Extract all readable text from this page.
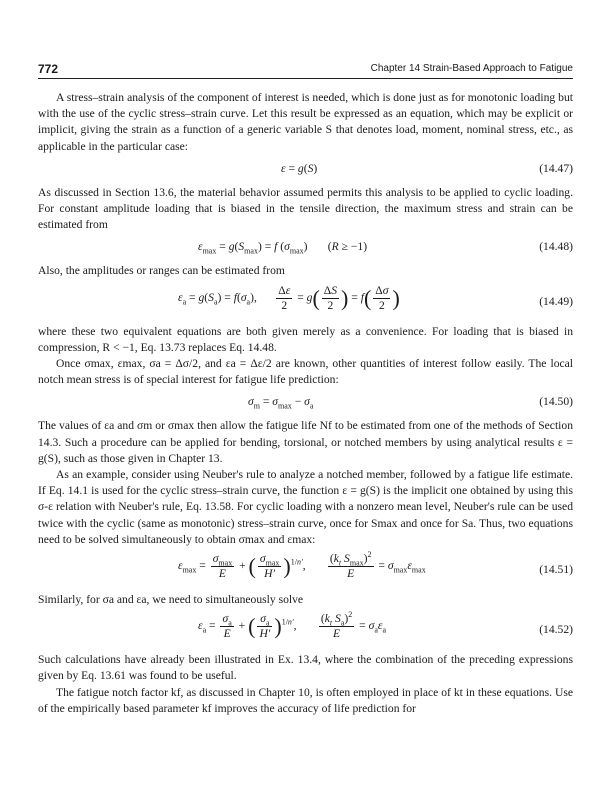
772	Chapter 14 Strain-Based Approach to Fatigue

A stress–strain analysis of the component of interest is needed, which is done just as for monotonic loading but with the use of the cyclic stress–strain curve. Let this result be expressed as an equation, which may be explicit or implicit, giving the strain as a function of a generic variable S that denotes load, moment, nominal stress, etc., as applicable in the particular case:

ε = g(S)	(14.47)

As discussed in Section 13.6, the material behavior assumed permits this analysis to be applied to cyclic loading. For constant amplitude loading that is biased in the tensile direction, the maximum stress and strain can be estimated from

$\varepsilon_{max} = g(S_{max}) = f$ $(\sigma_{max})$       (R ≥ −1)	(14.48)

Also, the amplitudes or ranges can be estimated from

$\varepsilon_a = g(S_a) = f(\sigma_a)$, $\frac{\Delta\varepsilon}{2} = g( \frac{\Delta S}{2}$ ) = $f( \frac{\Delta\sigma}{2}$ )	(14.49)

where these two equivalent equations are both given merely as a convenience. For loading that is biased in compression, R < −1, Eq. 13.73 replaces Eq. 14.48.

Once σmax, εmax, σa = Δσ/2, and εa = Δε/2 are known, other quantities of interest follow easily. The local notch mean stress is of special interest for fatigue life prediction:

$\sigma_m = \sigma_{max} - \sigma_a$	(14.50)

The values of εa and σm or σmax then allow the fatigue life Nf to be estimated from one of the methods of Section 14.3. Such a procedure can be applied for bending, torsional, or notched members by using analytical results ε = g(S), such as those given in Chapter 13.

As an example, consider using Neuber's rule to analyze a notched member, followed by a fatigue life estimate. If Eq. 14.1 is used for the cyclic stress–strain curve, the function ε = g(S) is the implicit one obtained by using this σ-ε relation with Neuber's rule, Eq. 13.58. For cyclic loading with a nonzero mean level, Neuber's rule can be used twice with the cyclic (same as monotonic) stress–strain curve, once for Smax and once for Sa. Thus, two equations need to be solved simultaneously to obtain σmax and εmax:

$\varepsilon_{max} = \frac{\sigma_{max}}{E}$ + ( $\frac{\sigma_{max}}{H'} )^{1/n'}$, $\frac{(k_t S_{max})^2}{E} = \sigma_{max}\varepsilon_{max}$	(14.51)

Similarly, for σa and εa, we need to simultaneously solve

$\varepsilon_a = \frac{\sigma_a}{E}$ + ( $\frac{\sigma_a}{H'} )^{1/n'}$, $\frac{(k_t S_a)^2}{E} = \sigma_a\varepsilon_a$	(14.52)

Such calculations have already been illustrated in Ex. 13.4, where the combination of the preceding expressions given by Eq. 13.61 was found to be useful.

The fatigue notch factor kf, as discussed in Chapter 10, is often employed in place of kt in these equations. Use of the empirically based parameter kf improves the accuracy of life prediction for
